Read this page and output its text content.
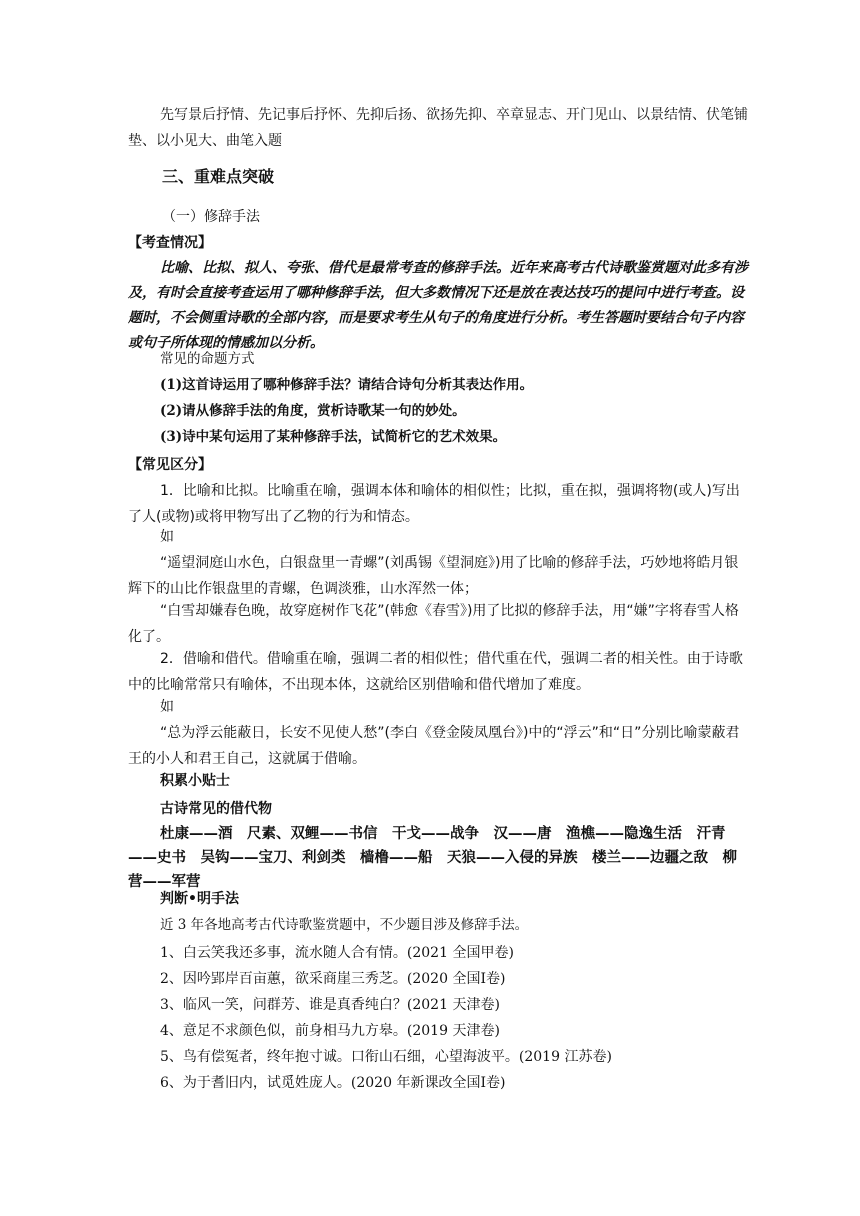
先写景后抒情、先记事后抒怀、先抑后扬、欲扬先抑、卒章显志、开门见山、以景结情、伏笔铺垫、以小见大、曲笔入题

三、重难点突破

（一）修辞手法

【考查情况】

比喻、比拟、拟人、夸张、借代是最常考查的修辞手法。近年来高考古代诗歌鉴赏题对此多有涉及，有时会直接考查运用了哪种修辞手法，但大多数情况下还是放在表达技巧的提问中进行考查。设题时，不会侧重诗歌的全部内容，而是要求考生从句子的角度进行分析。考生答题时要结合句子内容或句子所体现的情感加以分析。

常见的命题方式

(1)这首诗运用了哪种修辞手法？请结合诗句分析其表达作用。

(2)请从修辞手法的角度，赏析诗歌某一句的妙处。

(3)诗中某句运用了某种修辞手法，试简析它的艺术效果。

【常见区分】

1．比喻和比拟。比喻重在喻，强调本体和喻体的相似性；比拟，重在拟，强调将物(或人)写出了人(或物)或将甲物写出了乙物的行为和情态。

如

“遥望洞庭山水色，白银盘里一青螺”(刘禹锡《望洞庭》)用了比喻的修辞手法，巧妙地将皓月银辉下的山比作银盘里的青螺，色调淡雅，山水浑然一体；

“白雪却嫌春色晚，故穿庭树作飞花”(韩愈《春雪》)用了比拟的修辞手法，用“嫌”字将春雪人格化了。

2．借喻和借代。借喻重在喻，强调二者的相似性；借代重在代，强调二者的相关性。由于诗歌中的比喻常常只有喻体，不出现本体，这就给区别借喻和借代增加了难度。

如

“总为浮云能蔽日，长安不见使人愁”(李白《登金陵凤凰台》)中的“浮云”和“日”分别比喻蒙蔽君王的小人和君王自己，这就属于借喻。

积累小贴士

古诗常见的借代物

杜康——酒　尺素、双鲤——书信　干戈——战争　汉——唐　渔樵——隐逸生活　汗青——史书　吴钩——宝刀、利剑类　樯橹——船　天狼——入侵的异族　楼兰——边疆之敌　柳营——军营

判断•明手法

近 3 年各地高考古代诗歌鉴赏题中，不少题目涉及修辞手法。

1、白云笑我还多事，流水随人合有情。(2021 全国甲卷)

2、因吟郢岸百亩蕙，欲采商崖三秀芝。(2020 全国Ⅰ卷)

3、临风一笑，问群芳、谁是真香纯白？(2021 天津卷)

4、意足不求颜色似，前身相马九方皋。(2019 天津卷)

5、鸟有偿冤者，终年抱寸诚。口衔山石细，心望海波平。(2019 江苏卷)

6、为于耆旧内，试觅姓庞人。(2020 年新课改全国Ⅰ卷)
